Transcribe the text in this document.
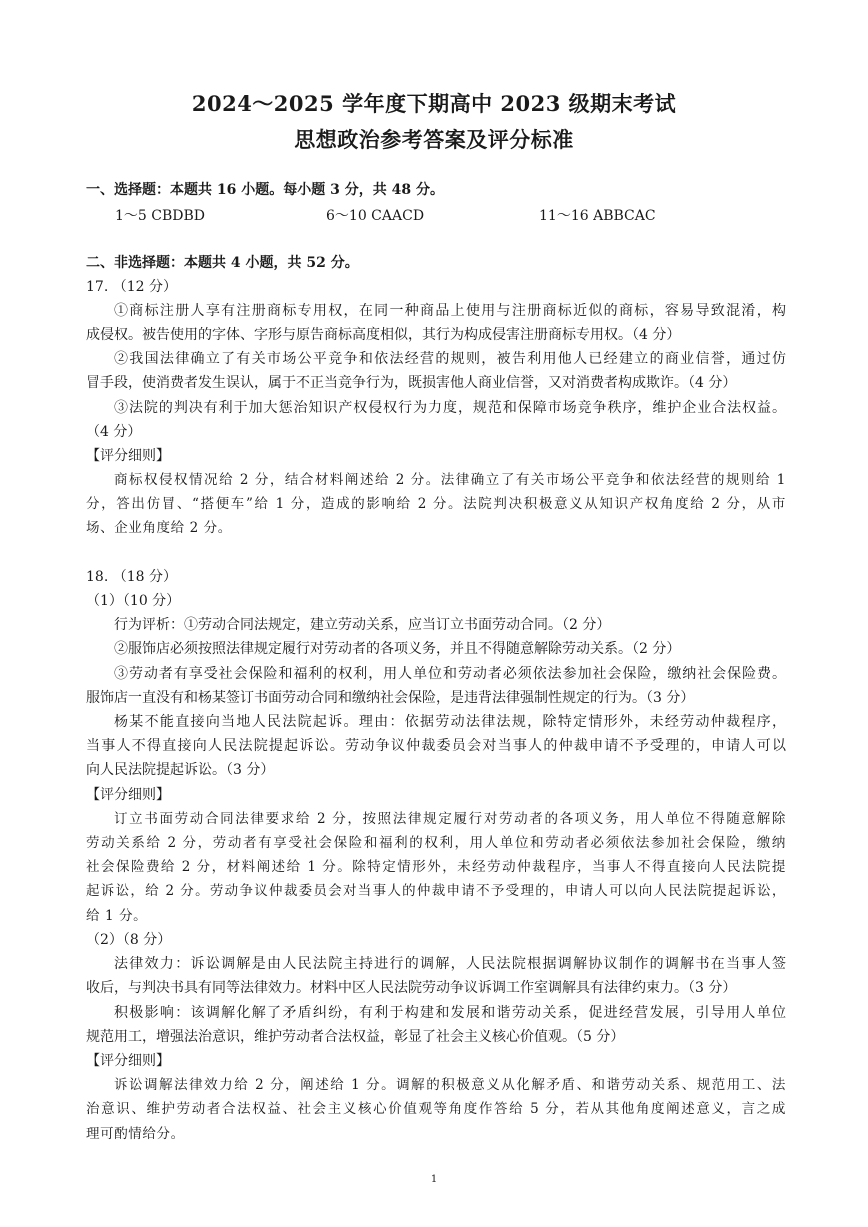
2024～2025 学年度下期高中 2023 级期末考试
思想政治参考答案及评分标准
一、选择题：本题共 16 小题。每小题 3 分，共 48 分。
1～5 CBDBD	6～10 CAACD	11～16 ABBCAC
二、非选择题：本题共 4 小题，共 52 分。
17. （12 分）
①商标注册人享有注册商标专用权，在同一种商品上使用与注册商标近似的商标，容易导致混淆，构
成侵权。被告使用的字体、字形与原告商标高度相似，其行为构成侵害注册商标专用权。（4 分）
②我国法律确立了有关市场公平竞争和依法经营的规则，被告利用他人已经建立的商业信誉，通过仿
冒手段，使消费者发生误认，属于不正当竞争行为，既损害他人商业信誉，又对消费者构成欺诈。（4 分）
③法院的判决有利于加大惩治知识产权侵权行为力度，规范和保障市场竞争秩序，维护企业合法权益。
（4 分）
【评分细则】
商标权侵权情况给 2 分，结合材料阐述给 2 分。法律确立了有关市场公平竞争和依法经营的规则给 1
分，答出仿冒、“搭便车”给 1 分，造成的影响给 2 分。法院判决积极意义从知识产权角度给 2 分，从市
场、企业角度给 2 分。
18. （18 分）
（1）（10 分）
行为评析：①劳动合同法规定，建立劳动关系，应当订立书面劳动合同。（2 分）
②服饰店必须按照法律规定履行对劳动者的各项义务，并且不得随意解除劳动关系。（2 分）
③劳动者有享受社会保险和福利的权利，用人单位和劳动者必须依法参加社会保险，缴纳社会保险费。
服饰店一直没有和杨某签订书面劳动合同和缴纳社会保险，是违背法律强制性规定的行为。（3 分）
杨某不能直接向当地人民法院起诉。理由：依据劳动法律法规，除特定情形外，未经劳动仲裁程序，
当事人不得直接向人民法院提起诉讼。劳动争议仲裁委员会对当事人的仲裁申请不予受理的，申请人可以
向人民法院提起诉讼。（3 分）
【评分细则】
订立书面劳动合同法律要求给 2 分，按照法律规定履行对劳动者的各项义务，用人单位不得随意解除
劳动关系给 2 分，劳动者有享受社会保险和福利的权利，用人单位和劳动者必须依法参加社会保险，缴纳
社会保险费给 2 分，材料阐述给 1 分。除特定情形外，未经劳动仲裁程序，当事人不得直接向人民法院提
起诉讼，给 2 分。劳动争议仲裁委员会对当事人的仲裁申请不予受理的，申请人可以向人民法院提起诉讼，
给 1 分。
（2）（8 分）
法律效力：诉讼调解是由人民法院主持进行的调解，人民法院根据调解协议制作的调解书在当事人签
收后，与判决书具有同等法律效力。材料中区人民法院劳动争议诉调工作室调解具有法律约束力。（3 分）
积极影响：该调解化解了矛盾纠纷，有利于构建和发展和谐劳动关系，促进经营发展，引导用人单位
规范用工，增强法治意识，维护劳动者合法权益，彰显了社会主义核心价值观。（5 分）
【评分细则】
诉讼调解法律效力给 2 分，阐述给 1 分。调解的积极意义从化解矛盾、和谐劳动关系、规范用工、法
治意识、维护劳动者合法权益、社会主义核心价值观等角度作答给 5 分，若从其他角度阐述意义，言之成
理可酌情给分。
1
